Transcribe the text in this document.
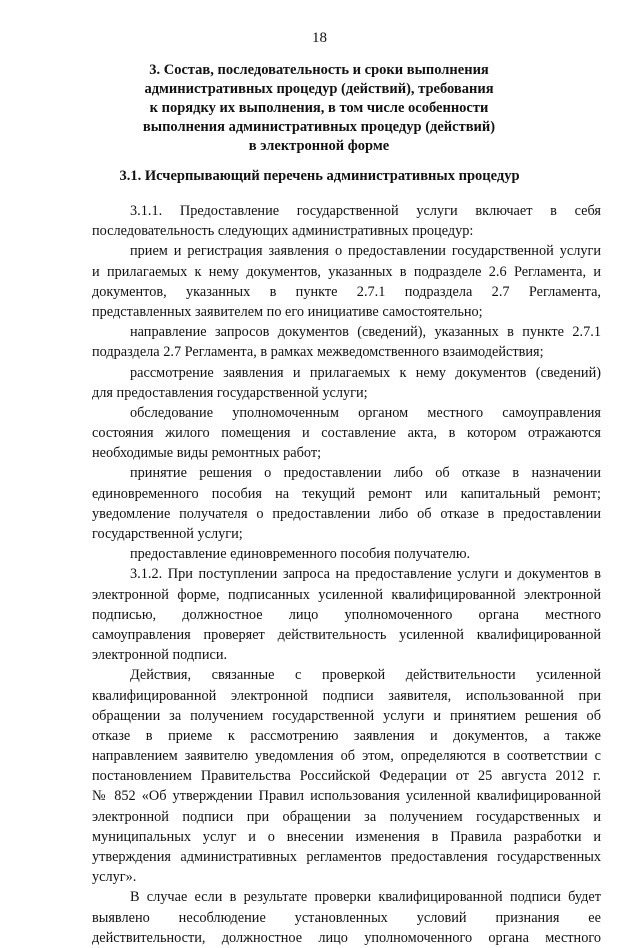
18
3. Состав, последовательность и сроки выполнения
административных процедур (действий), требования
к порядку их выполнения, в том числе особенности
выполнения административных процедур (действий)
в электронной форме
3.1. Исчерпывающий перечень административных процедур
3.1.1. Предоставление государственной услуги включает в себя
последовательность следующих административных процедур:
прием и регистрация заявления о предоставлении государственной услуги
и прилагаемых к нему документов, указанных в подразделе 2.6 Регламента, и
документов, указанных в пункте 2.7.1 подраздела 2.7 Регламента,
представленных заявителем по его инициативе самостоятельно;
направление запросов документов (сведений), указанных в пункте 2.7.1
подраздела 2.7 Регламента, в рамках межведомственного взаимодействия;
рассмотрение заявления и прилагаемых к нему документов (сведений)
для предоставления государственной услуги;
обследование уполномоченным органом местного самоуправления
состояния жилого помещения и составление акта, в котором отражаются
необходимые виды ремонтных работ;
принятие решения о предоставлении либо об отказе в назначении
единовременного пособия на текущий ремонт или капитальный ремонт;
уведомление получателя о предоставлении либо об отказе в предоставлении
государственной услуги;
предоставление единовременного пособия получателю.
3.1.2. При поступлении запроса на предоставление услуги и документов в
электронной форме, подписанных усиленной квалифицированной электронной
подписью, должностное лицо уполномоченного органа местного
самоуправления проверяет действительность усиленной квалифицированной
электронной подписи.
Действия, связанные с проверкой действительности усиленной
квалифицированной электронной подписи заявителя, использованной при
обращении за получением государственной услуги и принятием решения об
отказе в приеме к рассмотрению заявления и документов, а также
направлением заявителю уведомления об этом, определяются в соответствии с
постановлением Правительства Российской Федерации от 25 августа 2012 г.
№ 852 «Об утверждении Правил использования усиленной квалифицированной
электронной подписи при обращении за получением государственных и
муниципальных услуг и о внесении изменения в Правила разработки и
утверждения административных регламентов предоставления государственных
услуг».
В случае если в результате проверки квалифицированной подписи будет
выявлено несоблюдение установленных условий признания ее
действительности, должностное лицо уполномоченного органа местного
